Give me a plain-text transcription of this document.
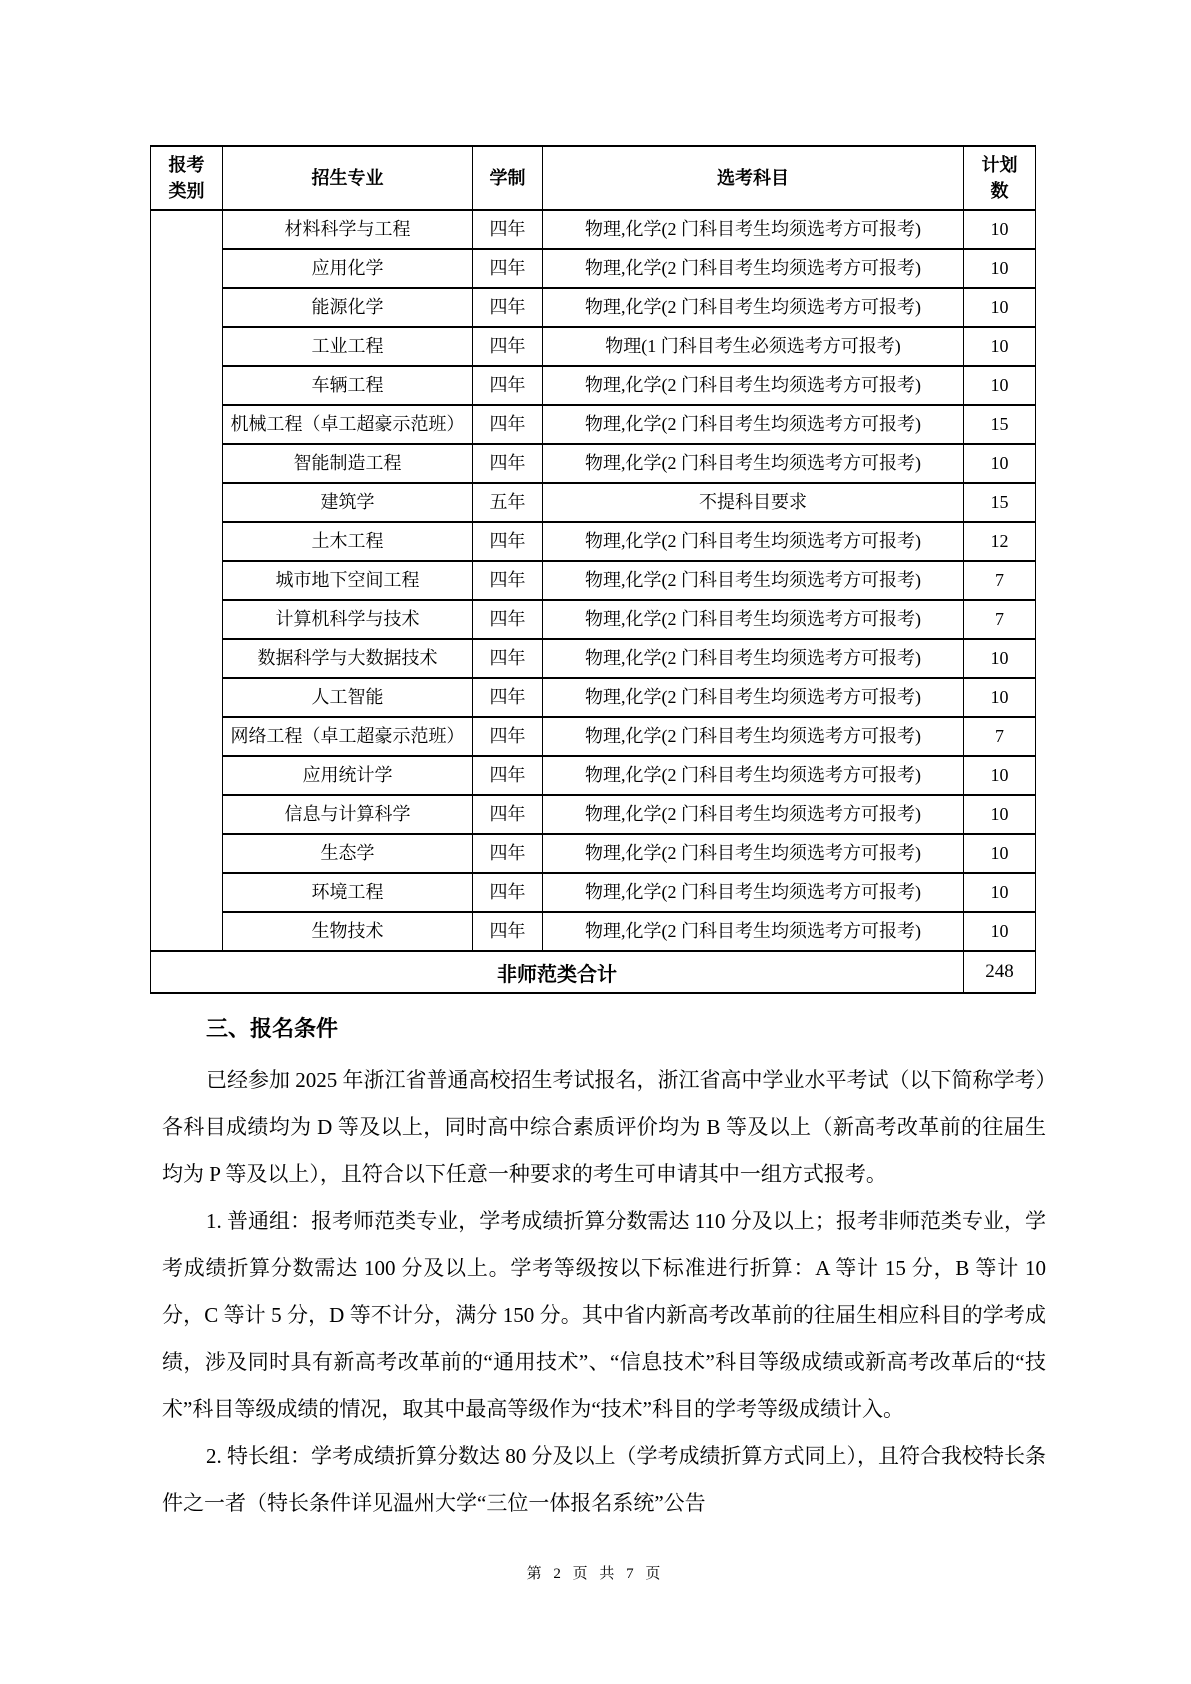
报考类别	招生专业	学制	选考科目	计划数
	材料科学与工程	四年	物理,化学(2 门科目考生均须选考方可报考)	10
	应用化学	四年	物理,化学(2 门科目考生均须选考方可报考)	10
	能源化学	四年	物理,化学(2 门科目考生均须选考方可报考)	10
	工业工程	四年	物理(1 门科目考生必须选考方可报考)	10
	车辆工程	四年	物理,化学(2 门科目考生均须选考方可报考)	10
	机械工程（卓工超豪示范班）	四年	物理,化学(2 门科目考生均须选考方可报考)	15
	智能制造工程	四年	物理,化学(2 门科目考生均须选考方可报考)	10
	建筑学	五年	不提科目要求	15
	土木工程	四年	物理,化学(2 门科目考生均须选考方可报考)	12
	城市地下空间工程	四年	物理,化学(2 门科目考生均须选考方可报考)	7
	计算机科学与技术	四年	物理,化学(2 门科目考生均须选考方可报考)	7
	数据科学与大数据技术	四年	物理,化学(2 门科目考生均须选考方可报考)	10
	人工智能	四年	物理,化学(2 门科目考生均须选考方可报考)	10
	网络工程（卓工超豪示范班）	四年	物理,化学(2 门科目考生均须选考方可报考)	7
	应用统计学	四年	物理,化学(2 门科目考生均须选考方可报考)	10
	信息与计算科学	四年	物理,化学(2 门科目考生均须选考方可报考)	10
	生态学	四年	物理,化学(2 门科目考生均须选考方可报考)	10
	环境工程	四年	物理,化学(2 门科目考生均须选考方可报考)	10
	生物技术	四年	物理,化学(2 门科目考生均须选考方可报考)	10
非师范类合计				248
三、报名条件

已经参加 2025 年浙江省普通高校招生考试报名，浙江省高中学业水平考试（以下简称学考）各科目成绩均为 D 等及以上，同时高中综合素质评价均为 B 等及以上（新高考改革前的往届生均为 P 等及以上），且符合以下任意一种要求的考生可申请其中一组方式报考。

1. 普通组：报考师范类专业，学考成绩折算分数需达 110 分及以上；报考非师范类专业，学考成绩折算分数需达 100 分及以上。学考等级按以下标准进行折算：A 等计 15 分，B 等计 10 分，C 等计 5 分，D 等不计分，满分 150 分。其中省内新高考改革前的往届生相应科目的学考成绩，涉及同时具有新高考改革前的“通用技术”、“信息技术”科目等级成绩或新高考改革后的“技术”科目等级成绩的情况，取其中最高等级作为“技术”科目的学考等级成绩计入。

2. 特长组：学考成绩折算分数达 80 分及以上（学考成绩折算方式同上），且符合我校特长条件之一者（特长条件详见温州大学“三位一体报名系统”公告

第 2 页 共 7 页
